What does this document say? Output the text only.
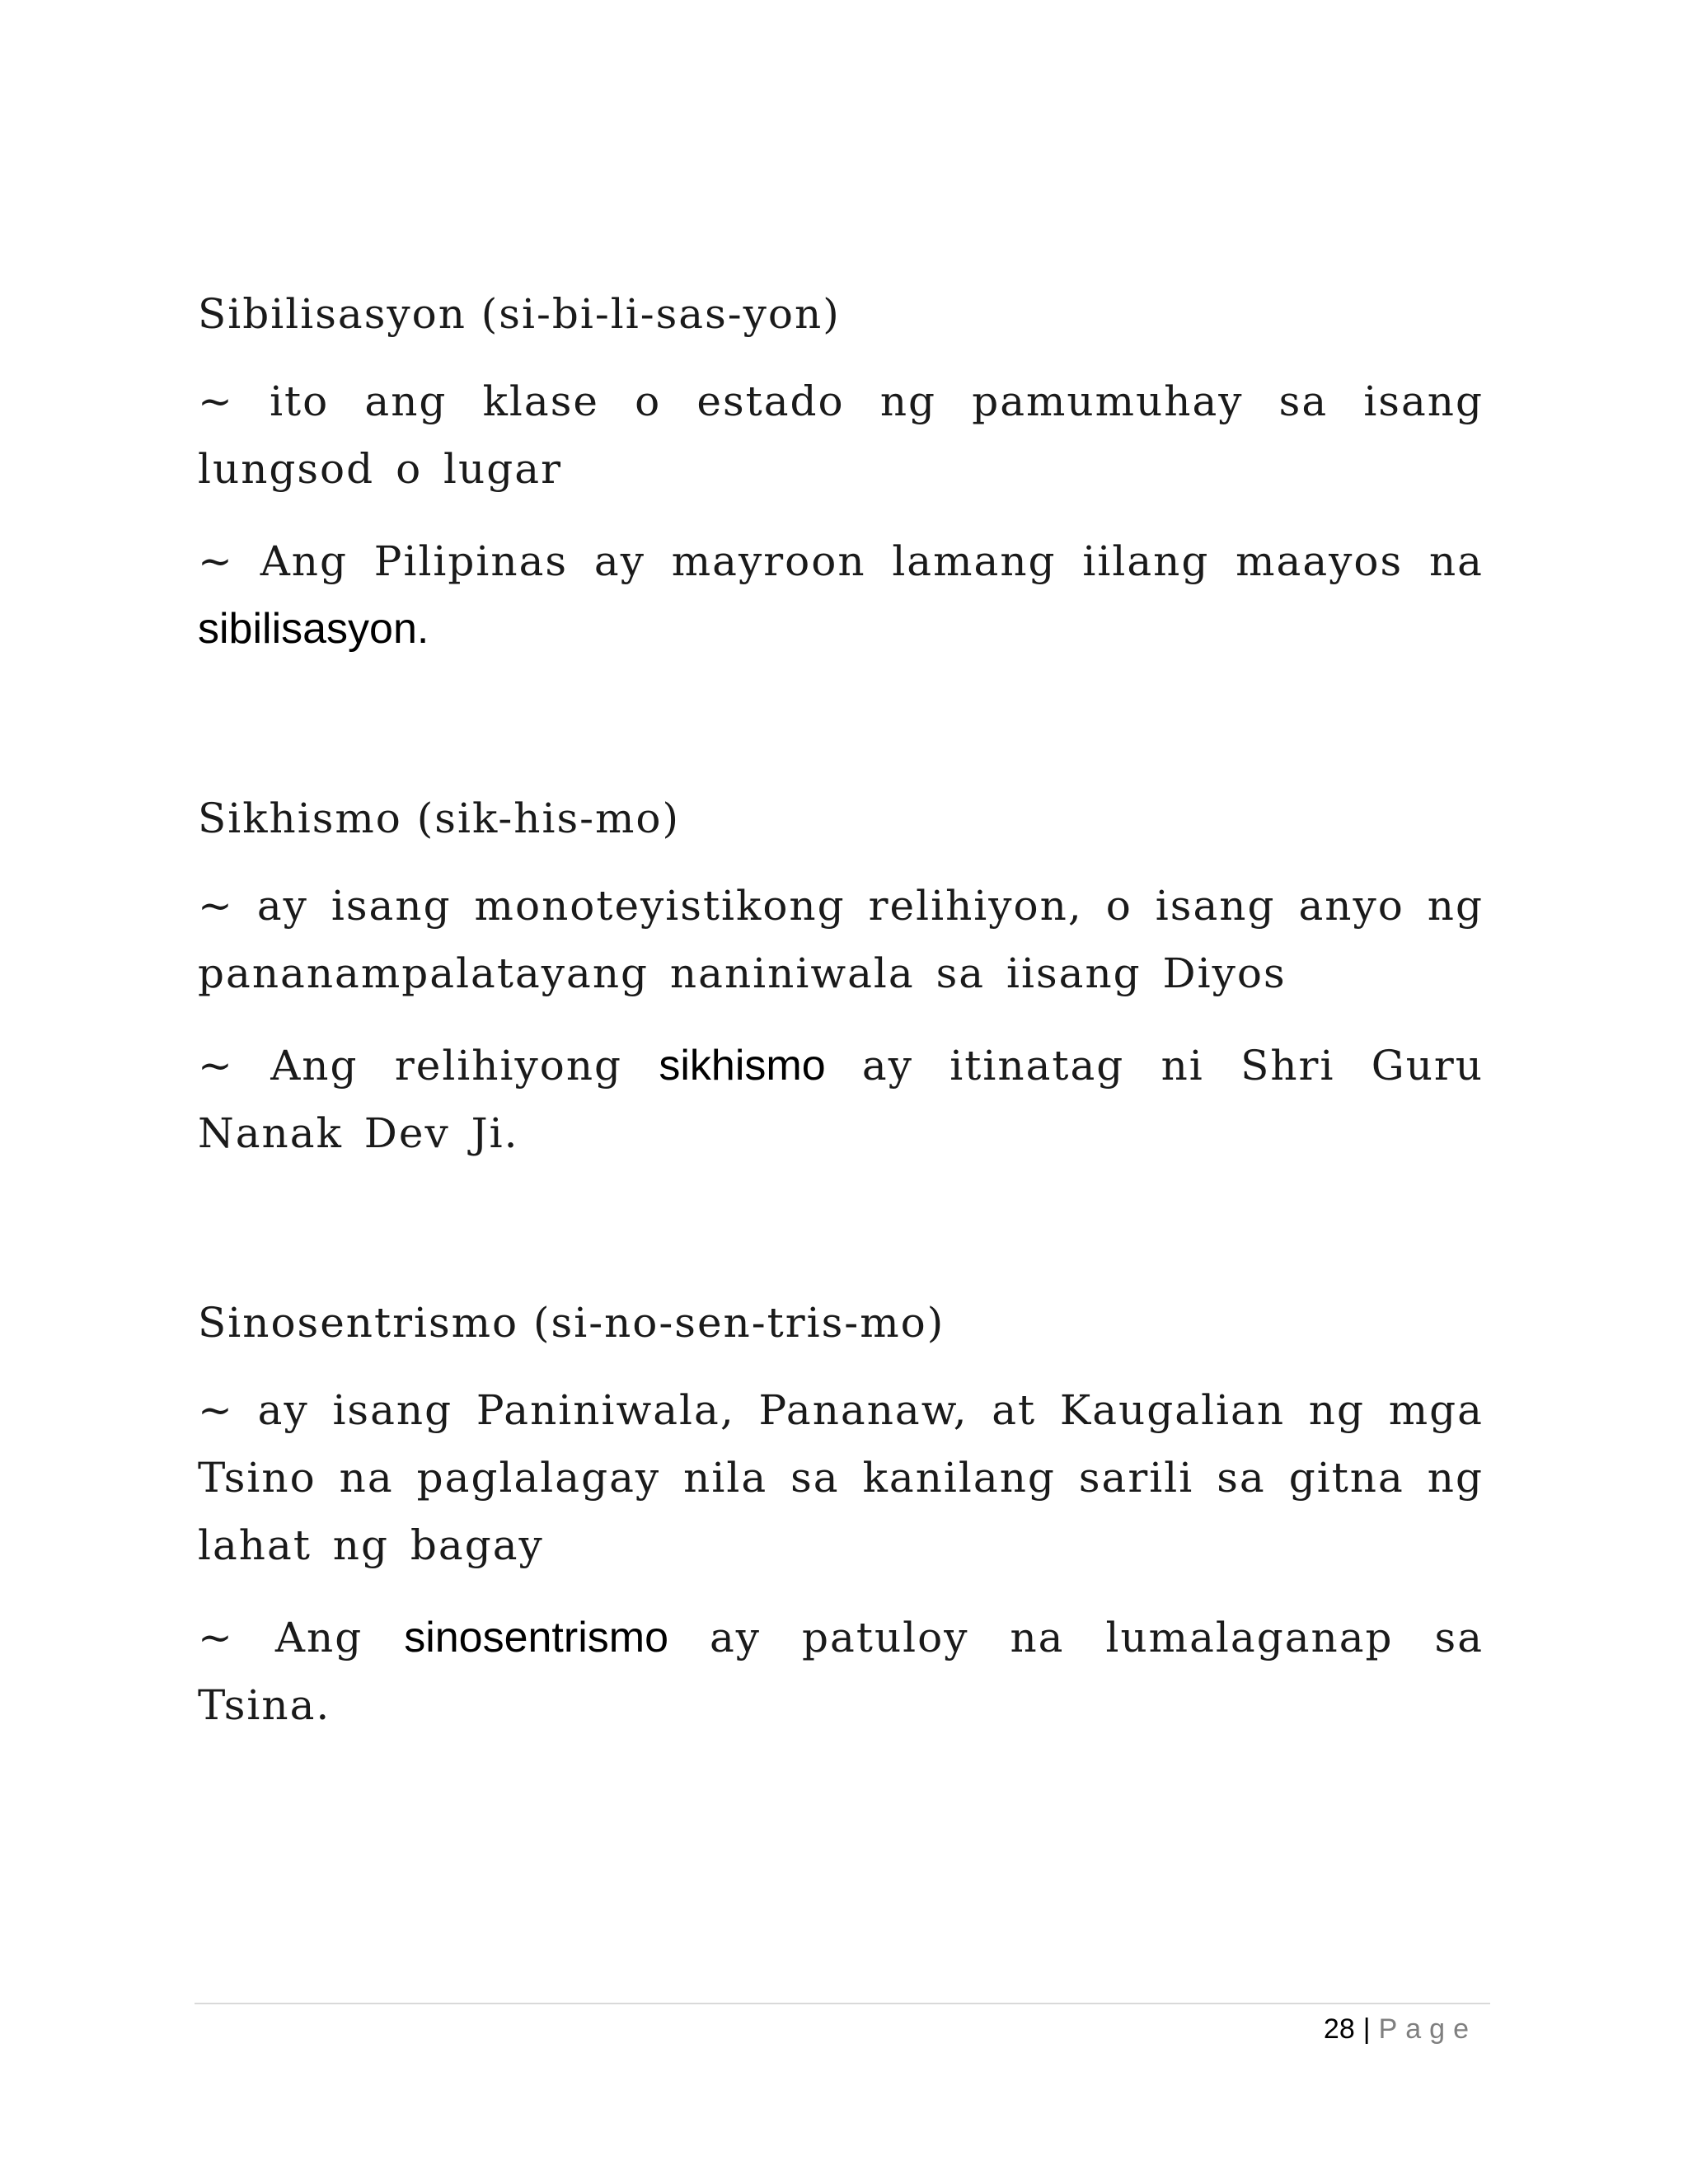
Sibilisasyon (si-bi-li-sas-yon)

~ ito ang klase o estado ng pamumuhay sa isang lungsod o lugar

~ Ang Pilipinas ay mayroon lamang iilang maayos na sibilisasyon.

Sikhismo (sik-his-mo)

~ ay isang monoteyistikong relihiyon, o isang anyo ng pananampalatayang naniniwala sa iisang Diyos

~ Ang relihiyong sikhismo ay itinatag ni Shri Guru Nanak Dev Ji.

Sinosentrismo (si-no-sen-tris-mo)

~ ay isang Paniniwala, Pananaw, at Kaugalian ng mga Tsino na paglalagay nila sa kanilang sarili sa gitna ng lahat ng bagay

~ Ang sinosentrismo ay patuloy na lumalaganap sa Tsina.

28 | Page
